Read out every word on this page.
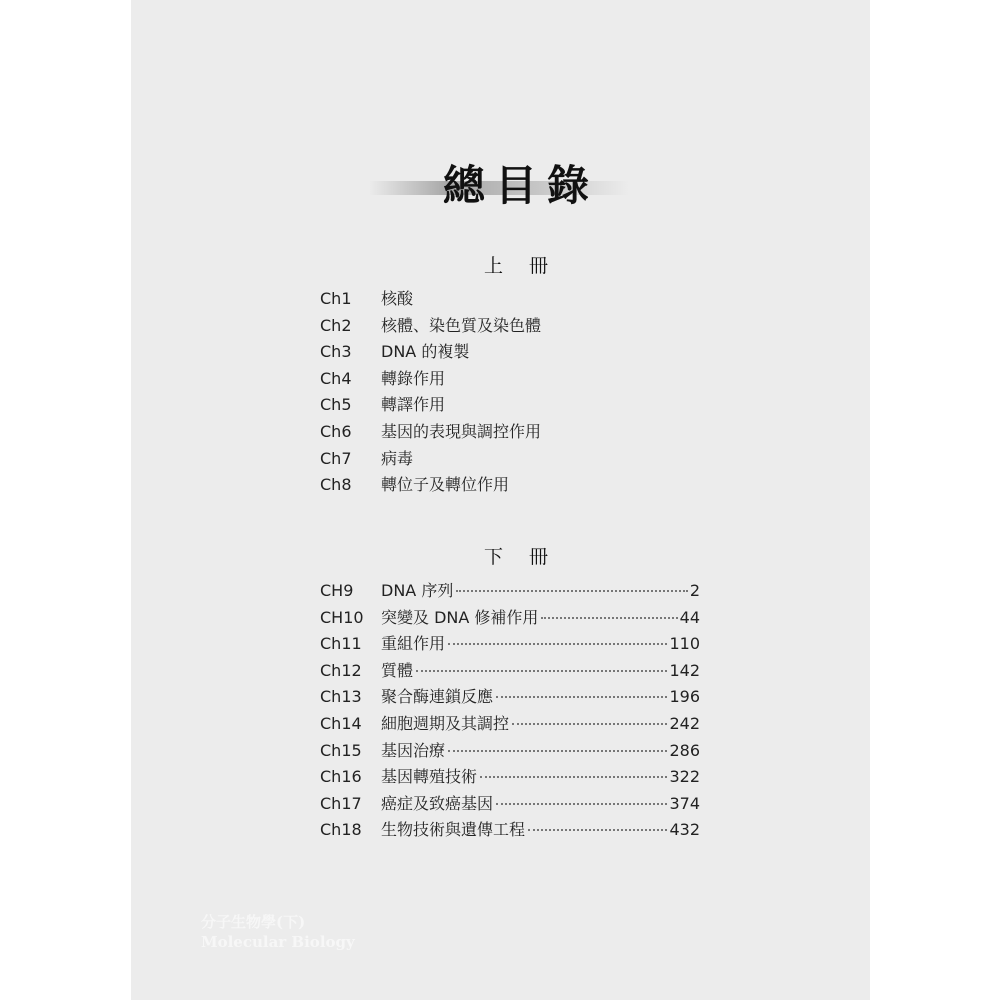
總目錄
上 冊
Ch1	核酸
Ch2	核體、染色質及染色體
Ch3	DNA 的複製
Ch4	轉錄作用
Ch5	轉譯作用
Ch6	基因的表現與調控作用
Ch7	病毒
Ch8	轉位子及轉位作用
下 冊
CH9	DNA 序列	2
CH10	突變及 DNA 修補作用	44
Ch11	重組作用	110
Ch12	質體	142
Ch13	聚合酶連鎖反應	196
Ch14	細胞週期及其調控	242
Ch15	基因治療	286
Ch16	基因轉殖技術	322
Ch17	癌症及致癌基因	374
Ch18	生物技術與遺傳工程	432
分子生物學(下)
Molecular Biology
